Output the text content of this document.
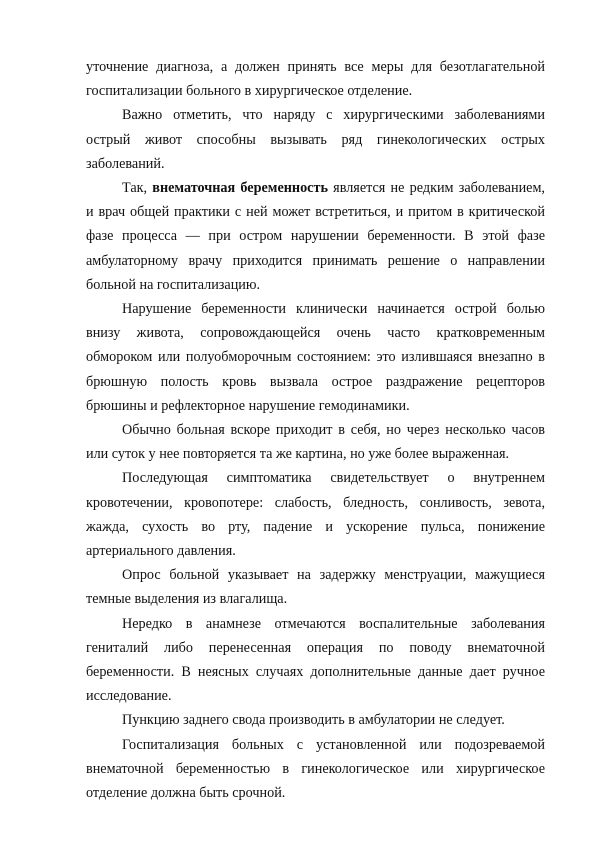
уточнение диагноза, а должен принять все меры для безотлагательной госпитализации больного в хирургическое отделение.

Важно отметить, что наряду с хирургическими заболеваниями острый живот способны вызывать ряд гинекологических острых заболеваний.

Так, внематочная беременность является не редким заболеванием, и врач общей практики с ней может встретиться, и притом в критической фазе процесса — при остром нарушении беременности. В этой фазе амбулаторному врачу приходится принимать решение о направлении больной на госпитализацию.

Нарушение беременности клинически начинается острой болью внизу живота, сопровождающейся очень часто кратковременным обмороком или полуобморочным состоянием: это излившаяся внезапно в брюшную полость кровь вызвала острое раздражение рецепторов брюшины и рефлекторное нарушение гемодинамики.

Обычно больная вскоре приходит в себя, но через несколько часов или суток у нее повторяется та же картина, но уже более выраженная.

Последующая симптоматика свидетельствует о внутреннем кровотечении, кровопотере: слабость, бледность, сонливость, зевота, жажда, сухость во рту, падение и ускорение пульса, понижение артериального давления.

Опрос больной указывает на задержку менструации, мажущиеся темные выделения из влагалища.

Нередко в анамнезе отмечаются воспалительные заболевания гениталий либо перенесенная операция по поводу внематочной беременности. В неясных случаях дополнительные данные дает ручное исследование.

Пункцию заднего свода производить в амбулатории не следует.

Госпитализация больных с установленной или подозреваемой внематочной беременностью в гинекологическое или хирургическое отделение должна быть срочной.
